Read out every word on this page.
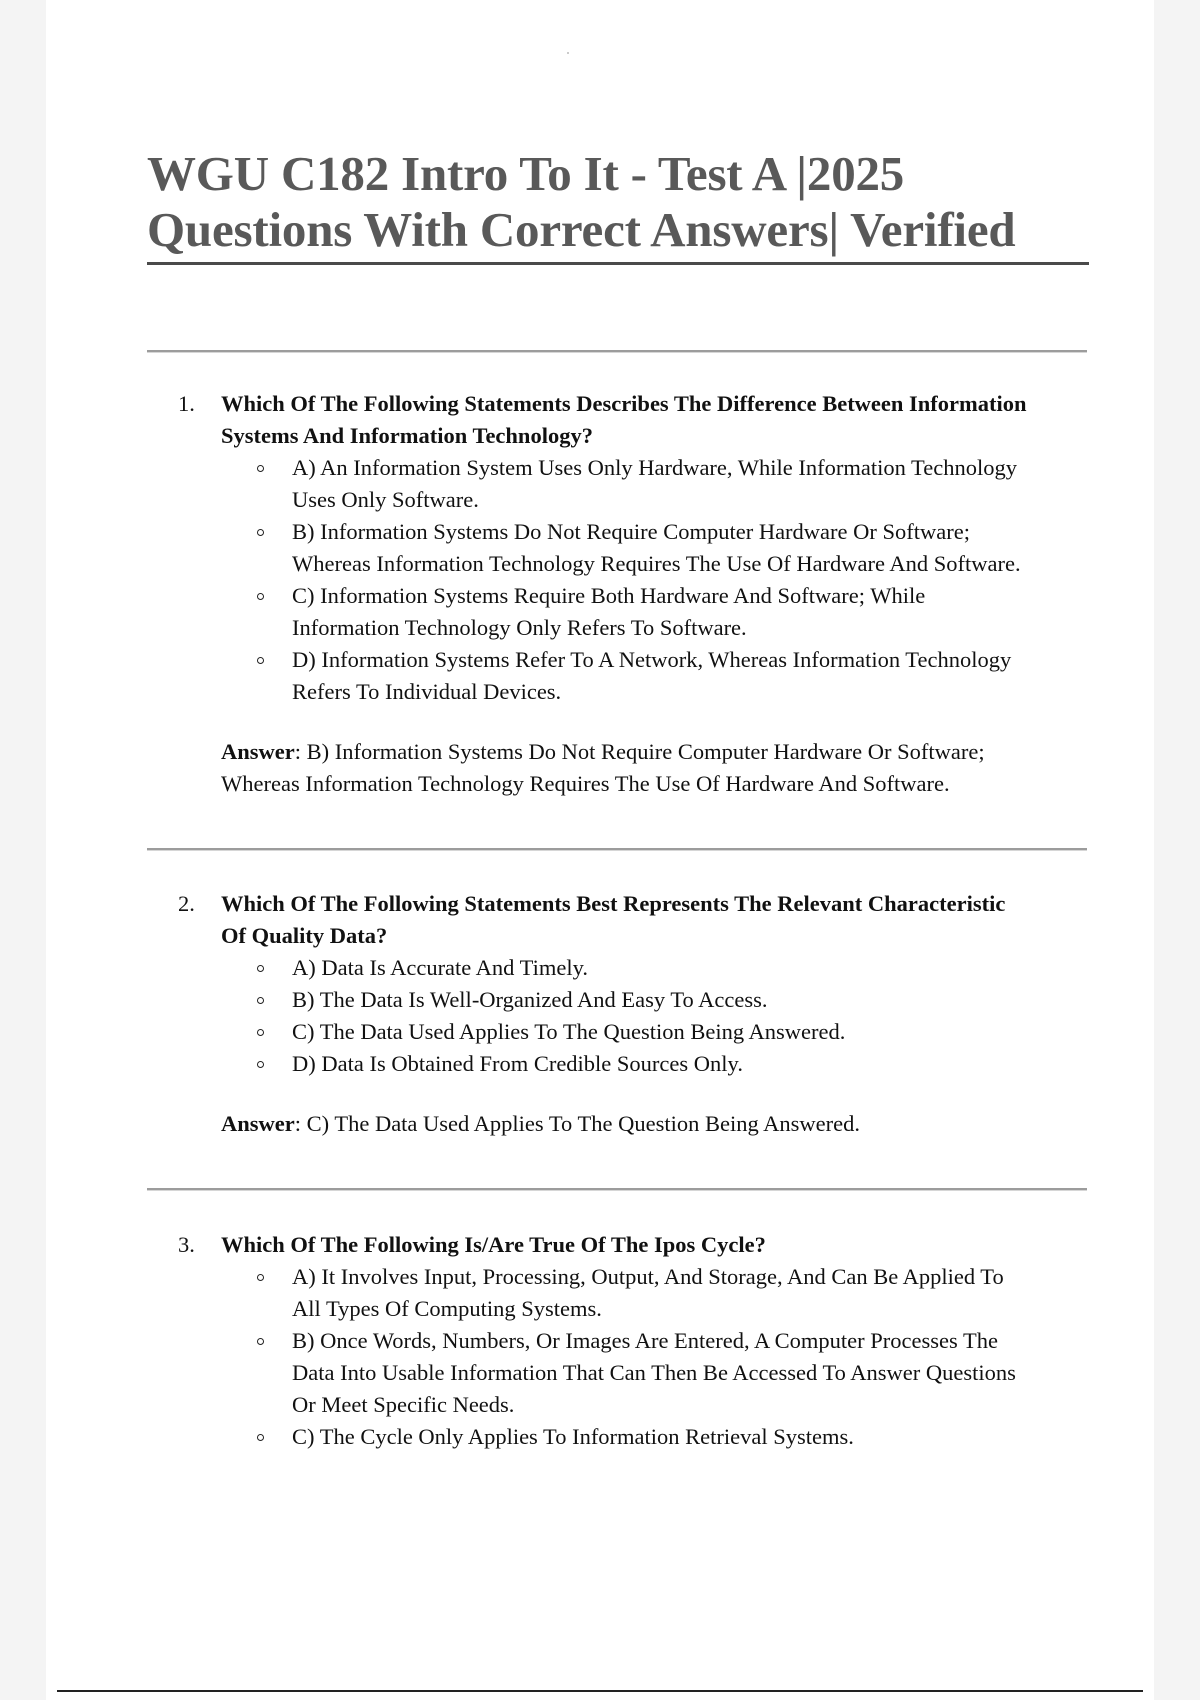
WGU C182 Intro To It - Test A |2025
Questions With Correct Answers| Verified
1. Which Of The Following Statements Describes The Difference Between Information
Systems And Information Technology?
A) An Information System Uses Only Hardware, While Information Technology
Uses Only Software.
B) Information Systems Do Not Require Computer Hardware Or Software;
Whereas Information Technology Requires The Use Of Hardware And Software.
C) Information Systems Require Both Hardware And Software; While
Information Technology Only Refers To Software.
D) Information Systems Refer To A Network, Whereas Information Technology
Refers To Individual Devices.
Answer: B) Information Systems Do Not Require Computer Hardware Or Software;
Whereas Information Technology Requires The Use Of Hardware And Software.
2. Which Of The Following Statements Best Represents The Relevant Characteristic
Of Quality Data?
A) Data Is Accurate And Timely.
B) The Data Is Well-Organized And Easy To Access.
C) The Data Used Applies To The Question Being Answered.
D) Data Is Obtained From Credible Sources Only.
Answer: C) The Data Used Applies To The Question Being Answered.
3. Which Of The Following Is/Are True Of The Ipos Cycle?
A) It Involves Input, Processing, Output, And Storage, And Can Be Applied To
All Types Of Computing Systems.
B) Once Words, Numbers, Or Images Are Entered, A Computer Processes The
Data Into Usable Information That Can Then Be Accessed To Answer Questions
Or Meet Specific Needs.
C) The Cycle Only Applies To Information Retrieval Systems.
